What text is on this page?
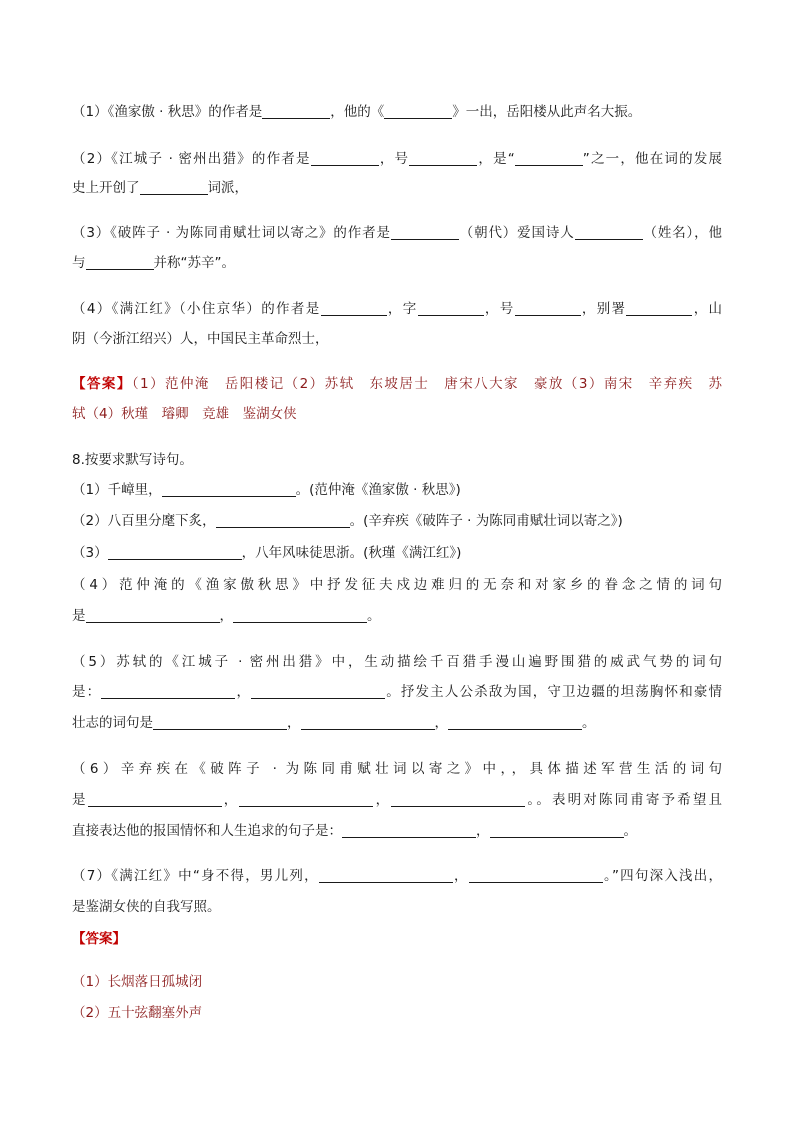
（1）《渔家傲 · 秋思》的作者是	，他的《	》一出，岳阳楼从此声名大振。
（2）《江城子 · 密州出猎》的作者是	，号	，是“	”之一，他在词的发展
史上开创了	词派，
（3）《破阵子 · 为陈同甫赋壮词以寄之》的作者是	（朝代）爱国诗人	（姓名），他
与	并称“苏辛”。
（4）《满江红》（小住京华）的作者是	，字	，号	，别署	，山
阴（今浙江绍兴）人，中国民主革命烈士，
【答案】（1）范仲淹　岳阳楼记（2）苏轼　东坡居士　唐宋八大家　豪放（3）南宋　辛弃疾　苏
轼（4）秋瑾　璿卿　竞雄　鉴湖女侠
8.按要求默写诗句。
（1）千嶂里，	。(范仲淹《渔家傲 · 秋思》)
（2）八百里分麾下炙，	。(辛弃疾《破阵子 · 为陈同甫赋壮词以寄之》)
（3）	，八年风味徒思浙。(秋瑾《满江红》)
（4）范仲淹的《渔家傲秋思》中抒发征夫戍边难归的无奈和对家乡的眷念之情的词句
是	，	。
（5）苏轼的《江城子 · 密州出猎》中，生动描绘千百猎手漫山遍野围猎的威武气势的词句
是：	，	。抒发主人公杀敌为国，守卫边疆的坦荡胸怀和豪情
壮志的词句是	，	，	。
（6）辛弃疾在《破阵子 · 为陈同甫赋壮词以寄之》中，，具体描述军营生活的词句
是	，	，	。。表明对陈同甫寄予希望且
直接表达他的报国情怀和人生追求的句子是：	，	。
（7）《满江红》中“身不得，男儿列，	，	。”四句深入浅出，
是鉴湖女侠的自我写照。
【答案】
（1）长烟落日孤城闭
（2）五十弦翻塞外声
